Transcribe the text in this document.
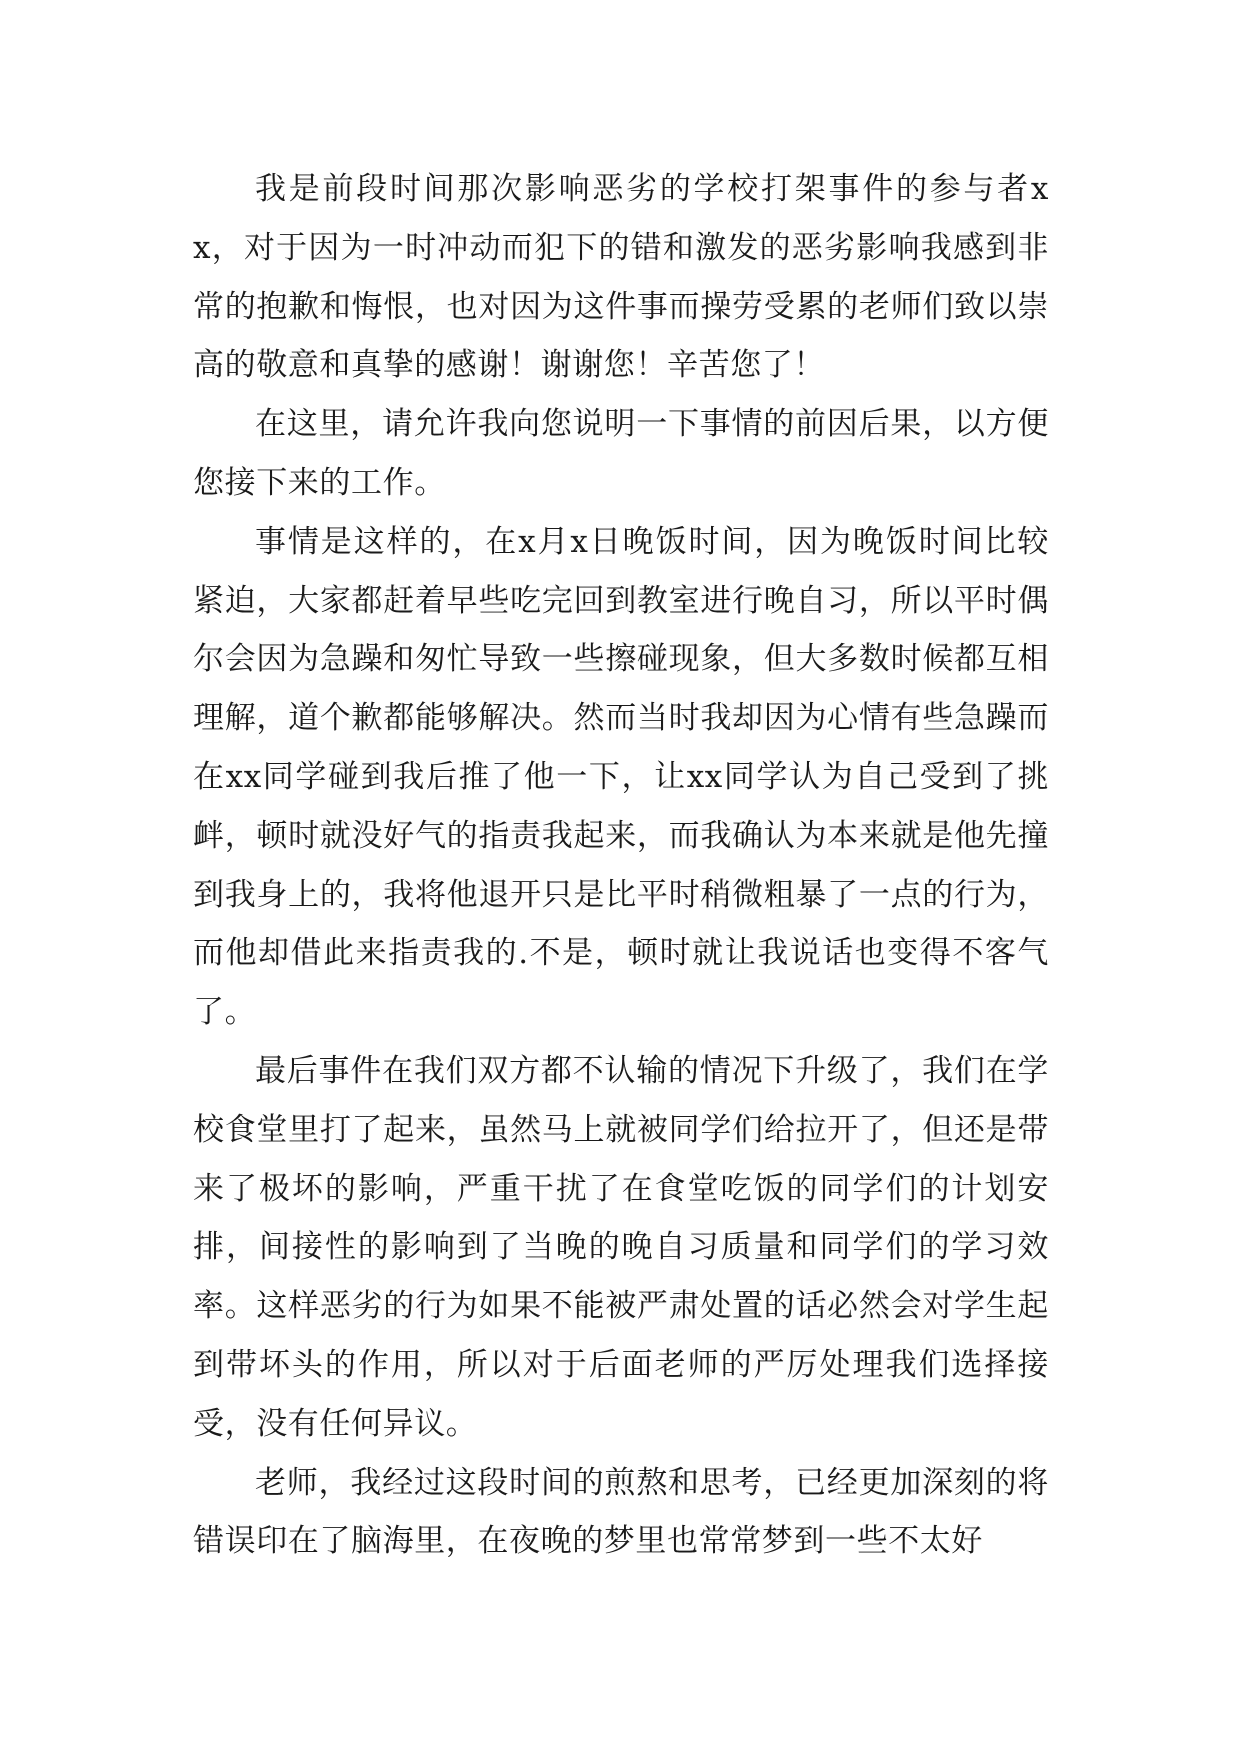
我是前段时间那次影响恶劣的学校打架事件的参与者xx，对于因为一时冲动而犯下的错和激发的恶劣影响我感到非常的抱歉和悔恨，也对因为这件事而操劳受累的老师们致以崇高的敬意和真挚的感谢！谢谢您！辛苦您了！

在这里，请允许我向您说明一下事情的前因后果，以方便您接下来的工作。

事情是这样的，在x月x日晚饭时间，因为晚饭时间比较紧迫，大家都赶着早些吃完回到教室进行晚自习，所以平时偶尔会因为急躁和匆忙导致一些擦碰现象，但大多数时候都互相理解，道个歉都能够解决。然而当时我却因为心情有些急躁而在xx同学碰到我后推了他一下，让xx同学认为自己受到了挑衅，顿时就没好气的指责我起来，而我确认为本来就是他先撞到我身上的，我将他退开只是比平时稍微粗暴了一点的行为，而他却借此来指责我的.不是，顿时就让我说话也变得不客气了。

最后事件在我们双方都不认输的情况下升级了，我们在学校食堂里打了起来，虽然马上就被同学们给拉开了，但还是带来了极坏的影响，严重干扰了在食堂吃饭的同学们的计划安排，间接性的影响到了当晚的晚自习质量和同学们的学习效率。这样恶劣的行为如果不能被严肃处置的话必然会对学生起到带坏头的作用，所以对于后面老师的严厉处理我们选择接受，没有任何异议。

老师，我经过这段时间的煎熬和思考，已经更加深刻的将错误印在了脑海里，在夜晚的梦里也常常梦到一些不太好
